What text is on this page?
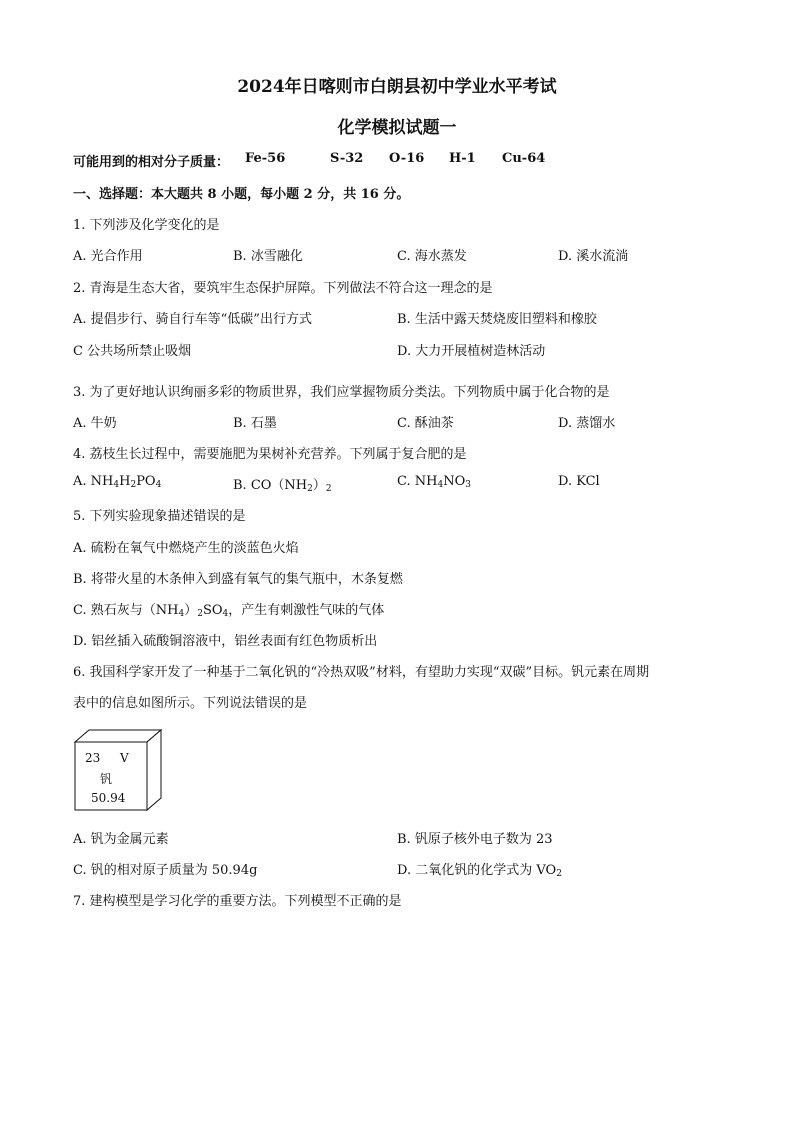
2024年日喀则市白朗县初中学业水平考试
化学模拟试题一
可能用到的相对分子质量： Fe-56	S-32 O-16 H-1 Cu-64
一、选择题：本大题共 8 小题，每小题 2 分，共 16 分。
1. 下列涉及化学变化的是
A. 光合作用	B. 冰雪融化	C. 海水蒸发	D. 溪水流淌
2. 青海是生态大省，要筑牢生态保护屏障。下列做法不符合这一理念的是
A. 提倡步行、骑自行车等“低碳”出行方式	B. 生活中露天焚烧废旧塑料和橡胶
C 公共场所禁止吸烟	D. 大力开展植树造林活动
3. 为了更好地认识绚丽多彩的物质世界，我们应掌握物质分类法。下列物质中属于化合物的是
A. 牛奶	B. 石墨	C. 酥油茶	D. 蒸馏水
4. 荔枝生长过程中，需要施肥为果树补充营养。下列属于复合肥的是
A. $NH_4H_2PO_4$	B. $CO(NH_2)_2$	C. $NH_4NO_3$	D. KCl
5. 下列实验现象描述错误的是
A. 硫粉在氧气中燃烧产生的淡蓝色火焰
B. 将带火星的木条伸入到盛有氧气的集气瓶中，木条复燃
C. 熟石灰与$(NH_4)_2SO_4$，产生有刺激性气味的气体
D. 铝丝插入硫酸铜溶液中，铝丝表面有红色物质析出
6. 我国科学家开发了一种基于二氧化钒的“冷热双吸”材料，有望助力实现“双碳”目标。钒元素在周期
表中的信息如图所示。下列说法错误的是
23 V
钒
50.94
A. 钒为金属元素	B. 钒原子核外电子数为 23
C. 钒的相对原子质量为 50.94g	D. 二氧化钒的化学式为 $VO_2$
7. 建构模型是学习化学的重要方法。下列模型不正确的是
